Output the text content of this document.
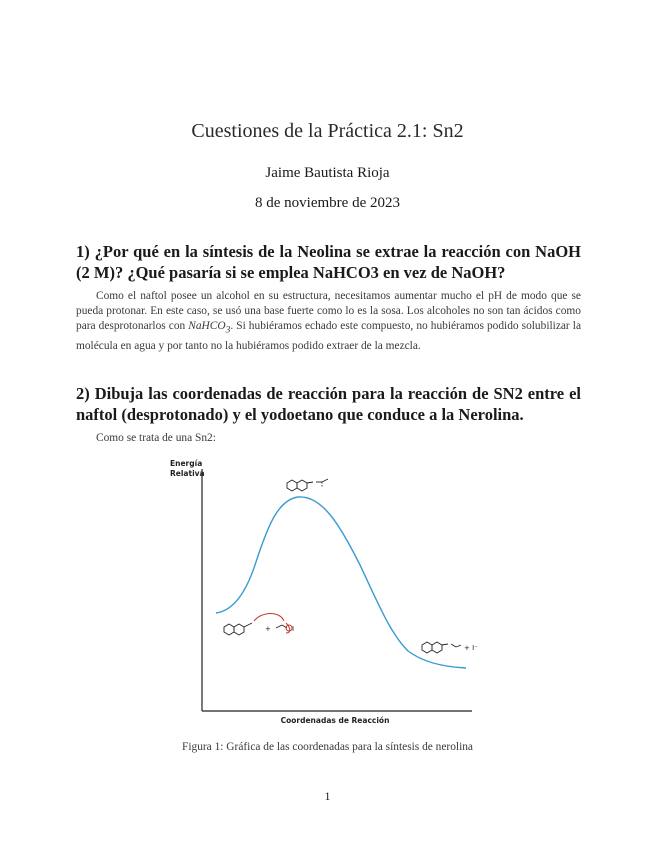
Cuestiones de la Práctica 2.1: Sn2
Jaime Bautista Rioja
8 de noviembre de 2023
1) ¿Por qué en la síntesis de la Neolina se extrae la reacción con NaOH (2 M)? ¿Qué pasaría si se emplea NaHCO3 en vez de NaOH?
Como el naftol posee un alcohol en su estructura, necesitamos aumentar mucho el pH de modo que se pueda protonar. En este caso, se usó una base fuerte como lo es la sosa. Los alcoholes no son tan ácidos como para desprotonarlos con NaHCO$_3$. Si hubiéramos echado este compuesto, no hubiéramos podido solubilizar la molécula en agua y por tanto no la hubiéramos podido extraer de la mezcla.
2) Dibuja las coordenadas de reacción para la reacción de SN2 entre el naftol (desprotonado) y el yodoetano que conduce a la Nerolina.
Como se trata de una Sn2:
Energía
Relativa
Coordenadas de Reacción
+	I
+ I⁻
Figura 1: Gráfica de las coordenadas para la síntesis de nerolina
1
